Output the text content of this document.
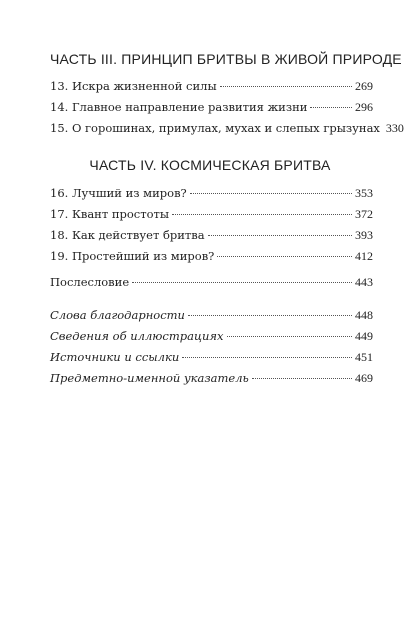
ЧАСТЬ III. ПРИНЦИП БРИТВЫ В ЖИВОЙ ПРИРОДЕ
13. Искра жизненной силы	269
14. Главное направление развития жизни	296
15. О горошинах, примулах, мухах и слепых грызунах 330
ЧАСТЬ IV. КОСМИЧЕСКАЯ БРИТВА
16. Лучший из миров?	353
17. Квант простоты	372
18. Как действует бритва	393
19. Простейший из миров?	412
Послесловие	443
Слова благодарности	448
Сведения об иллюстрациях	449
Источники и ссылки	451
Предметно-именной указатель	469
